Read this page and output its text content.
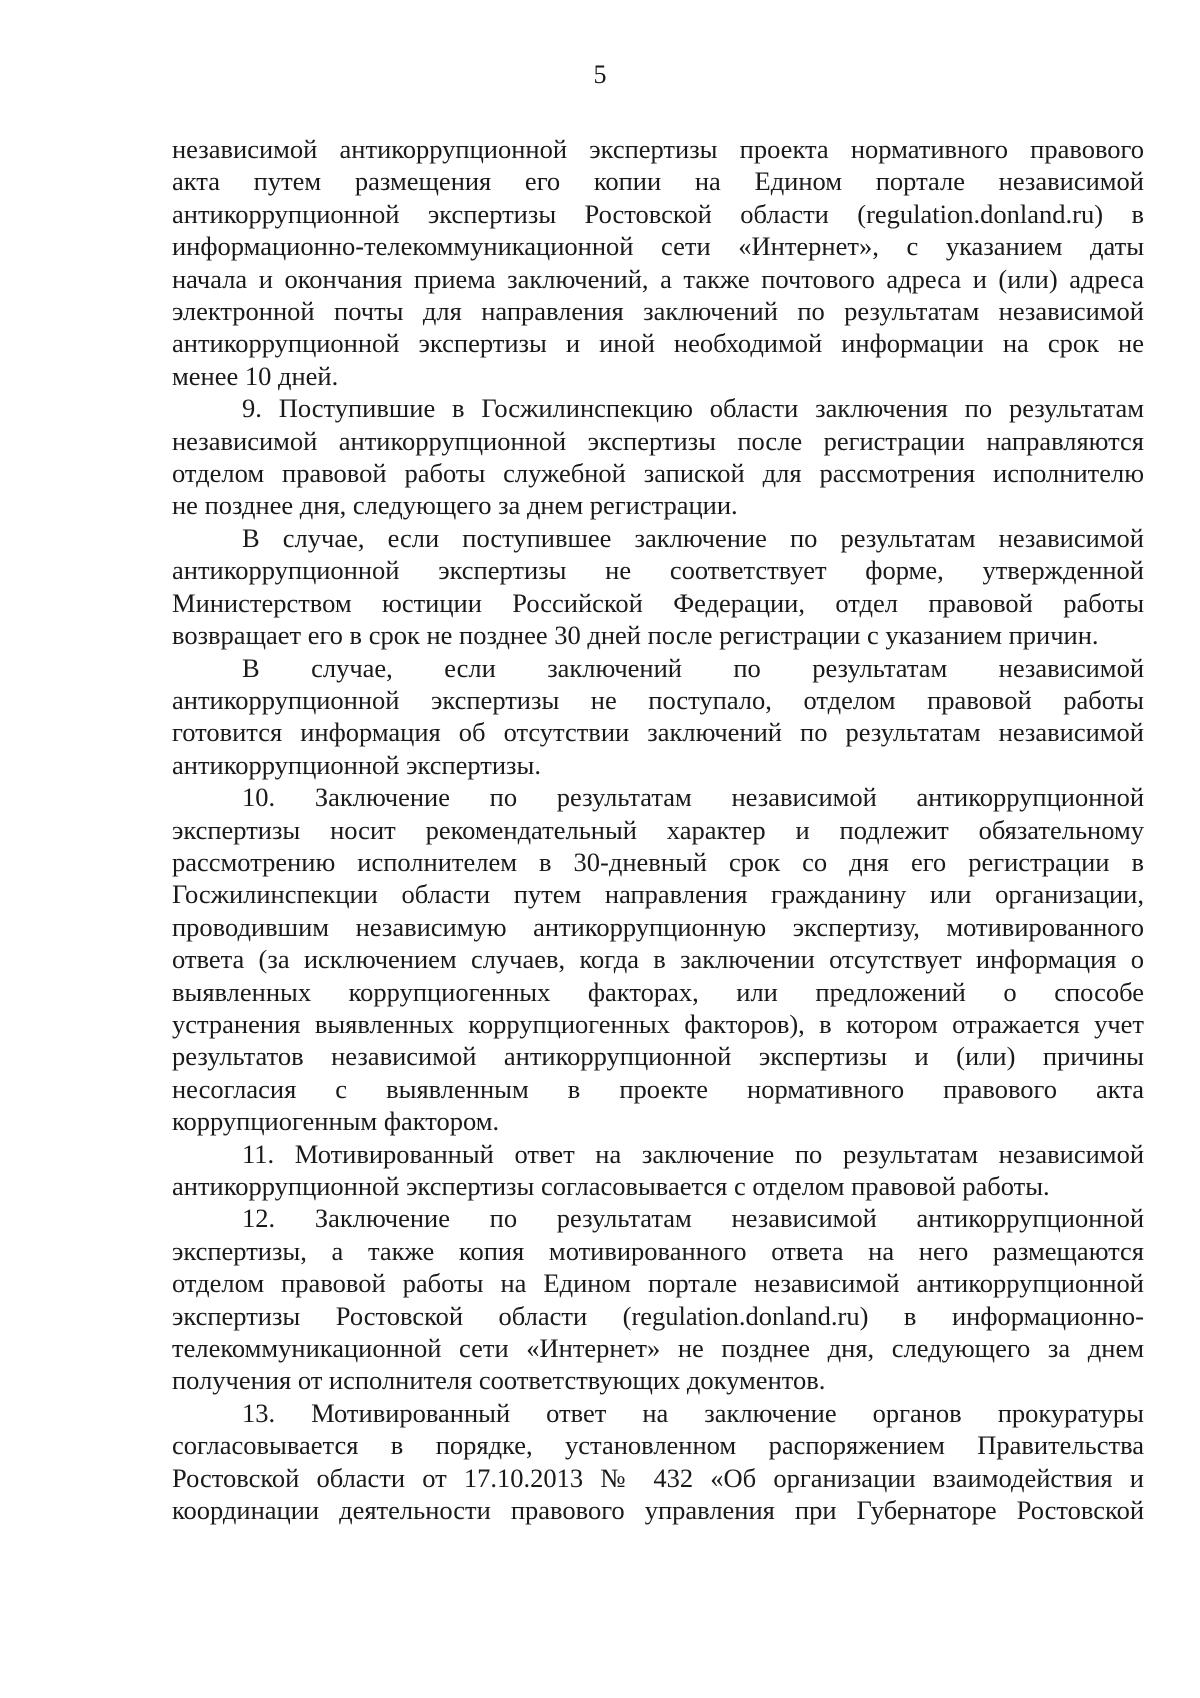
5
независимой антикоррупционной экспертизы проекта нормативного правового
акта путем размещения его копии на Едином портале независимой
антикоррупционной экспертизы Ростовской области (regulation.donland.ru) в
информационно-телекоммуникационной сети «Интернет», с указанием даты
начала и окончания приема заключений, а также почтового адреса и (или) адреса
электронной почты для направления заключений по результатам независимой
антикоррупционной экспертизы и иной необходимой информации на срок не
менее 10 дней.
9. Поступившие в Госжилинспекцию области заключения по результатам
независимой антикоррупционной экспертизы после регистрации направляются
отделом правовой работы служебной запиской для рассмотрения исполнителю
не позднее дня, следующего за днем регистрации.
В случае, если поступившее заключение по результатам независимой
антикоррупционной экспертизы не соответствует форме, утвержденной
Министерством юстиции Российской Федерации, отдел правовой работы
возвращает его в срок не позднее 30 дней после регистрации с указанием причин.
В случае, если заключений по результатам независимой
антикоррупционной экспертизы не поступало, отделом правовой работы
готовится информация об отсутствии заключений по результатам независимой
антикоррупционной экспертизы.
10. Заключение по результатам независимой антикоррупционной
экспертизы носит рекомендательный характер и подлежит обязательному
рассмотрению исполнителем в 30-дневный срок со дня его регистрации в
Госжилинспекции области путем направления гражданину или организации,
проводившим независимую антикоррупционную экспертизу, мотивированного
ответа (за исключением случаев, когда в заключении отсутствует информация о
выявленных коррупциогенных факторах, или предложений о способе
устранения выявленных коррупциогенных факторов), в котором отражается учет
результатов независимой антикоррупционной экспертизы и (или) причины
несогласия с выявленным в проекте нормативного правового акта
коррупциогенным фактором.
11. Мотивированный ответ на заключение по результатам независимой
антикоррупционной экспертизы согласовывается с отделом правовой работы.
12. Заключение по результатам независимой антикоррупционной
экспертизы, а также копия мотивированного ответа на него размещаются
отделом правовой работы на Едином портале независимой антикоррупционной
экспертизы Ростовской области (regulation.donland.ru) в информационно-
телекоммуникационной сети «Интернет» не позднее дня, следующего за днем
получения от исполнителя соответствующих документов.
13. Мотивированный ответ на заключение органов прокуратуры
согласовывается в порядке, установленном распоряжением Правительства
Ростовской области от 17.10.2013 № 432 «Об организации взаимодействия и
координации деятельности правового управления при Губернаторе Ростовской
